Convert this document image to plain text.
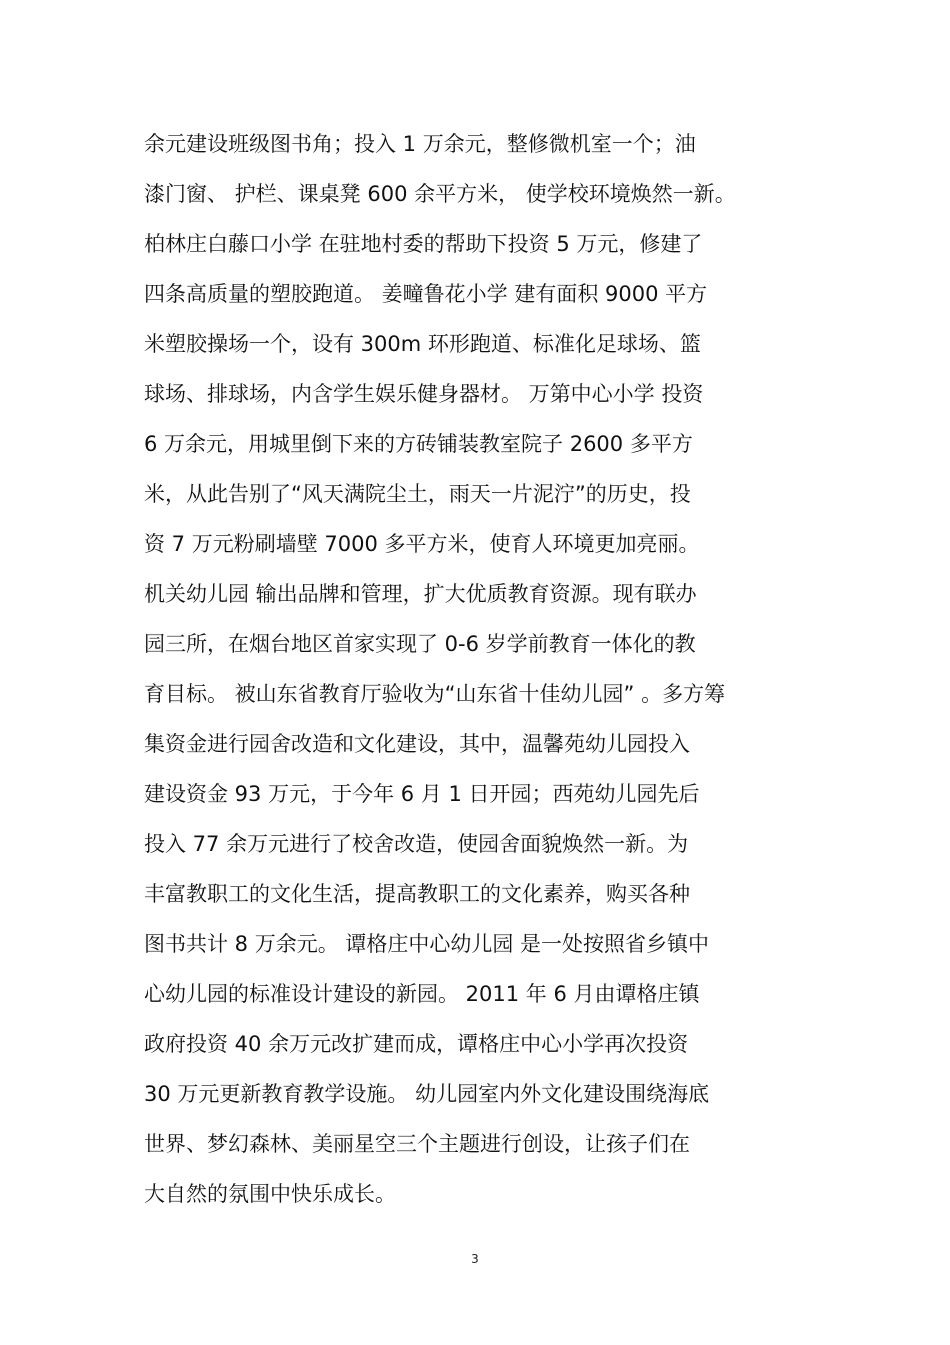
余元建设班级图书角；投入 1 万余元，整修微机室一个；油
漆门窗、 护栏、课桌凳 600 余平方米， 使学校环境焕然一新。
柏林庄白藤口小学 在驻地村委的帮助下投资 5 万元，修建了
四条高质量的塑胶跑道。 姜疃鲁花小学 建有面积 9000 平方
米塑胶操场一个，设有 300m 环形跑道、标准化足球场、篮
球场、排球场，内含学生娱乐健身器材。 万第中心小学 投资
6 万余元，用城里倒下来的方砖铺装教室院子 2600 多平方
米，从此告别了“风天满院尘土，雨天一片泥泞”的历史，投
资 7 万元粉刷墙壁 7000 多平方米，使育人环境更加亮丽。
机关幼儿园 输出品牌和管理，扩大优质教育资源。现有联办
园三所，在烟台地区首家实现了 0-6 岁学前教育一体化的教
育目标。 被山东省教育厅验收为“山东省十佳幼儿园” 。多方筹
集资金进行园舍改造和文化建设，其中，温馨苑幼儿园投入
建设资金 93 万元，于今年 6 月 1 日开园；西苑幼儿园先后
投入 77 余万元进行了校舍改造，使园舍面貌焕然一新。为
丰富教职工的文化生活，提高教职工的文化素养，购买各种
图书共计 8 万余元。 谭格庄中心幼儿园 是一处按照省乡镇中
心幼儿园的标准设计建设的新园。 2011 年 6 月由谭格庄镇
政府投资 40 余万元改扩建而成，谭格庄中心小学再次投资
30 万元更新教育教学设施。 幼儿园室内外文化建设围绕海底
世界、梦幻森林、美丽星空三个主题进行创设，让孩子们在
大自然的氛围中快乐成长。
3
